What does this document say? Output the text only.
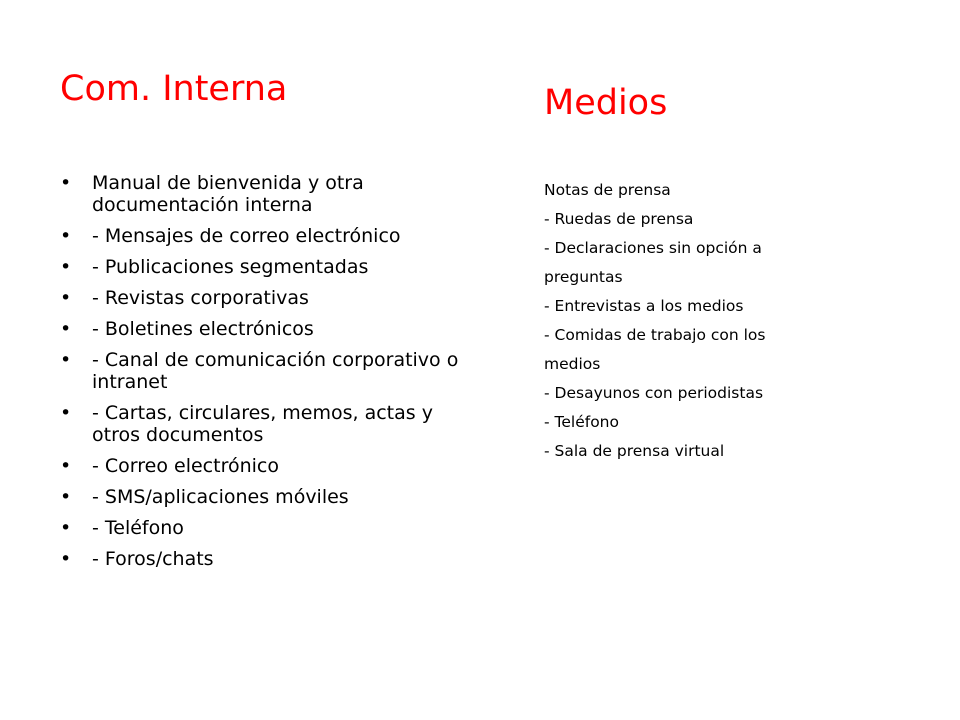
Com. Interna
• Manual de bienvenida y otra documentación interna
• - Mensajes de correo electrónico
• - Publicaciones segmentadas
• - Revistas corporativas
• - Boletines electrónicos
• - Canal de comunicación corporativo o intranet
• - Cartas, circulares, memos, actas y otros documentos
• - Correo electrónico
• - SMS/aplicaciones móviles
• - Teléfono
• - Foros/chats
Medios
Notas de prensa
- Ruedas de prensa
- Declaraciones sin opción a
preguntas
- Entrevistas a los medios
- Comidas de trabajo con los
medios
- Desayunos con periodistas
- Teléfono
- Sala de prensa virtual
